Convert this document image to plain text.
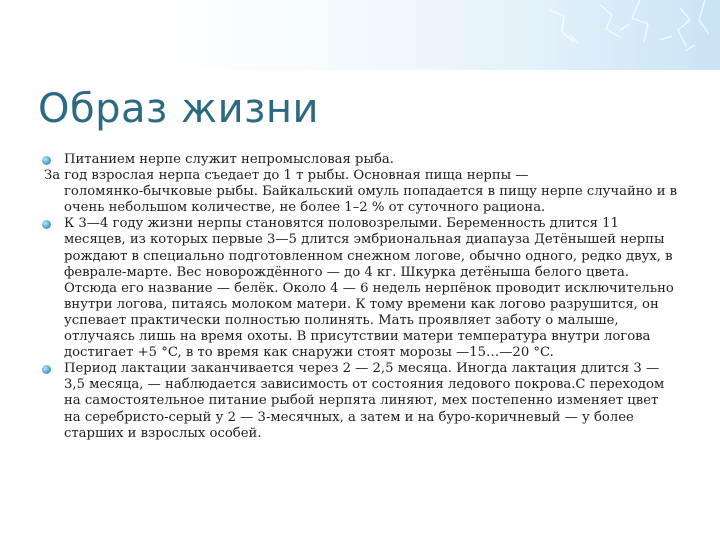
Образ жизни

Питанием нерпе служит непромысловая рыба.

За год взрослая нерпа съедает до 1 т рыбы. Основная пища нерпы —
голомянко-бычковые рыбы. Байкальский омуль попадается в пищу нерпе случайно и в очень небольшом количестве, не более 1–2 % от суточного рациона.

К 3—4 году жизни нерпы становятся половозрелыми. Беременность длится 11 месяцев, из которых первые 3—5 длится эмбриональная диапауза Детёнышей нерпы рождают в специально подготовленном снежном логове, обычно одного, редко двух, в феврале-марте. Вес новорождённого — до 4 кг. Шкурка детёныша белого цвета. Отсюда его название — белёк. Около 4 — 6 недель нерпёнок проводит исключительно внутри логова, питаясь молоком матери. К тому времени как логово разрушится, он успевает практически полностью полинять. Мать проявляет заботу о малыше, отлучаясь лишь на время охоты. В присутствии матери температура внутри логова достигает +5 °C, в то время как снаружи стоят морозы —15…—20 °C.

Период лактации заканчивается через 2 — 2,5 месяца. Иногда лактация длится 3 — 3,5 месяца, — наблюдается зависимость от состояния ледового покрова.С переходом на самостоятельное питание рыбой нерпята линяют, мех постепенно изменяет цвет на серебристо-серый у 2 — 3-месячных, а затем и на буро-коричневый — у более старших и взрослых особей.
